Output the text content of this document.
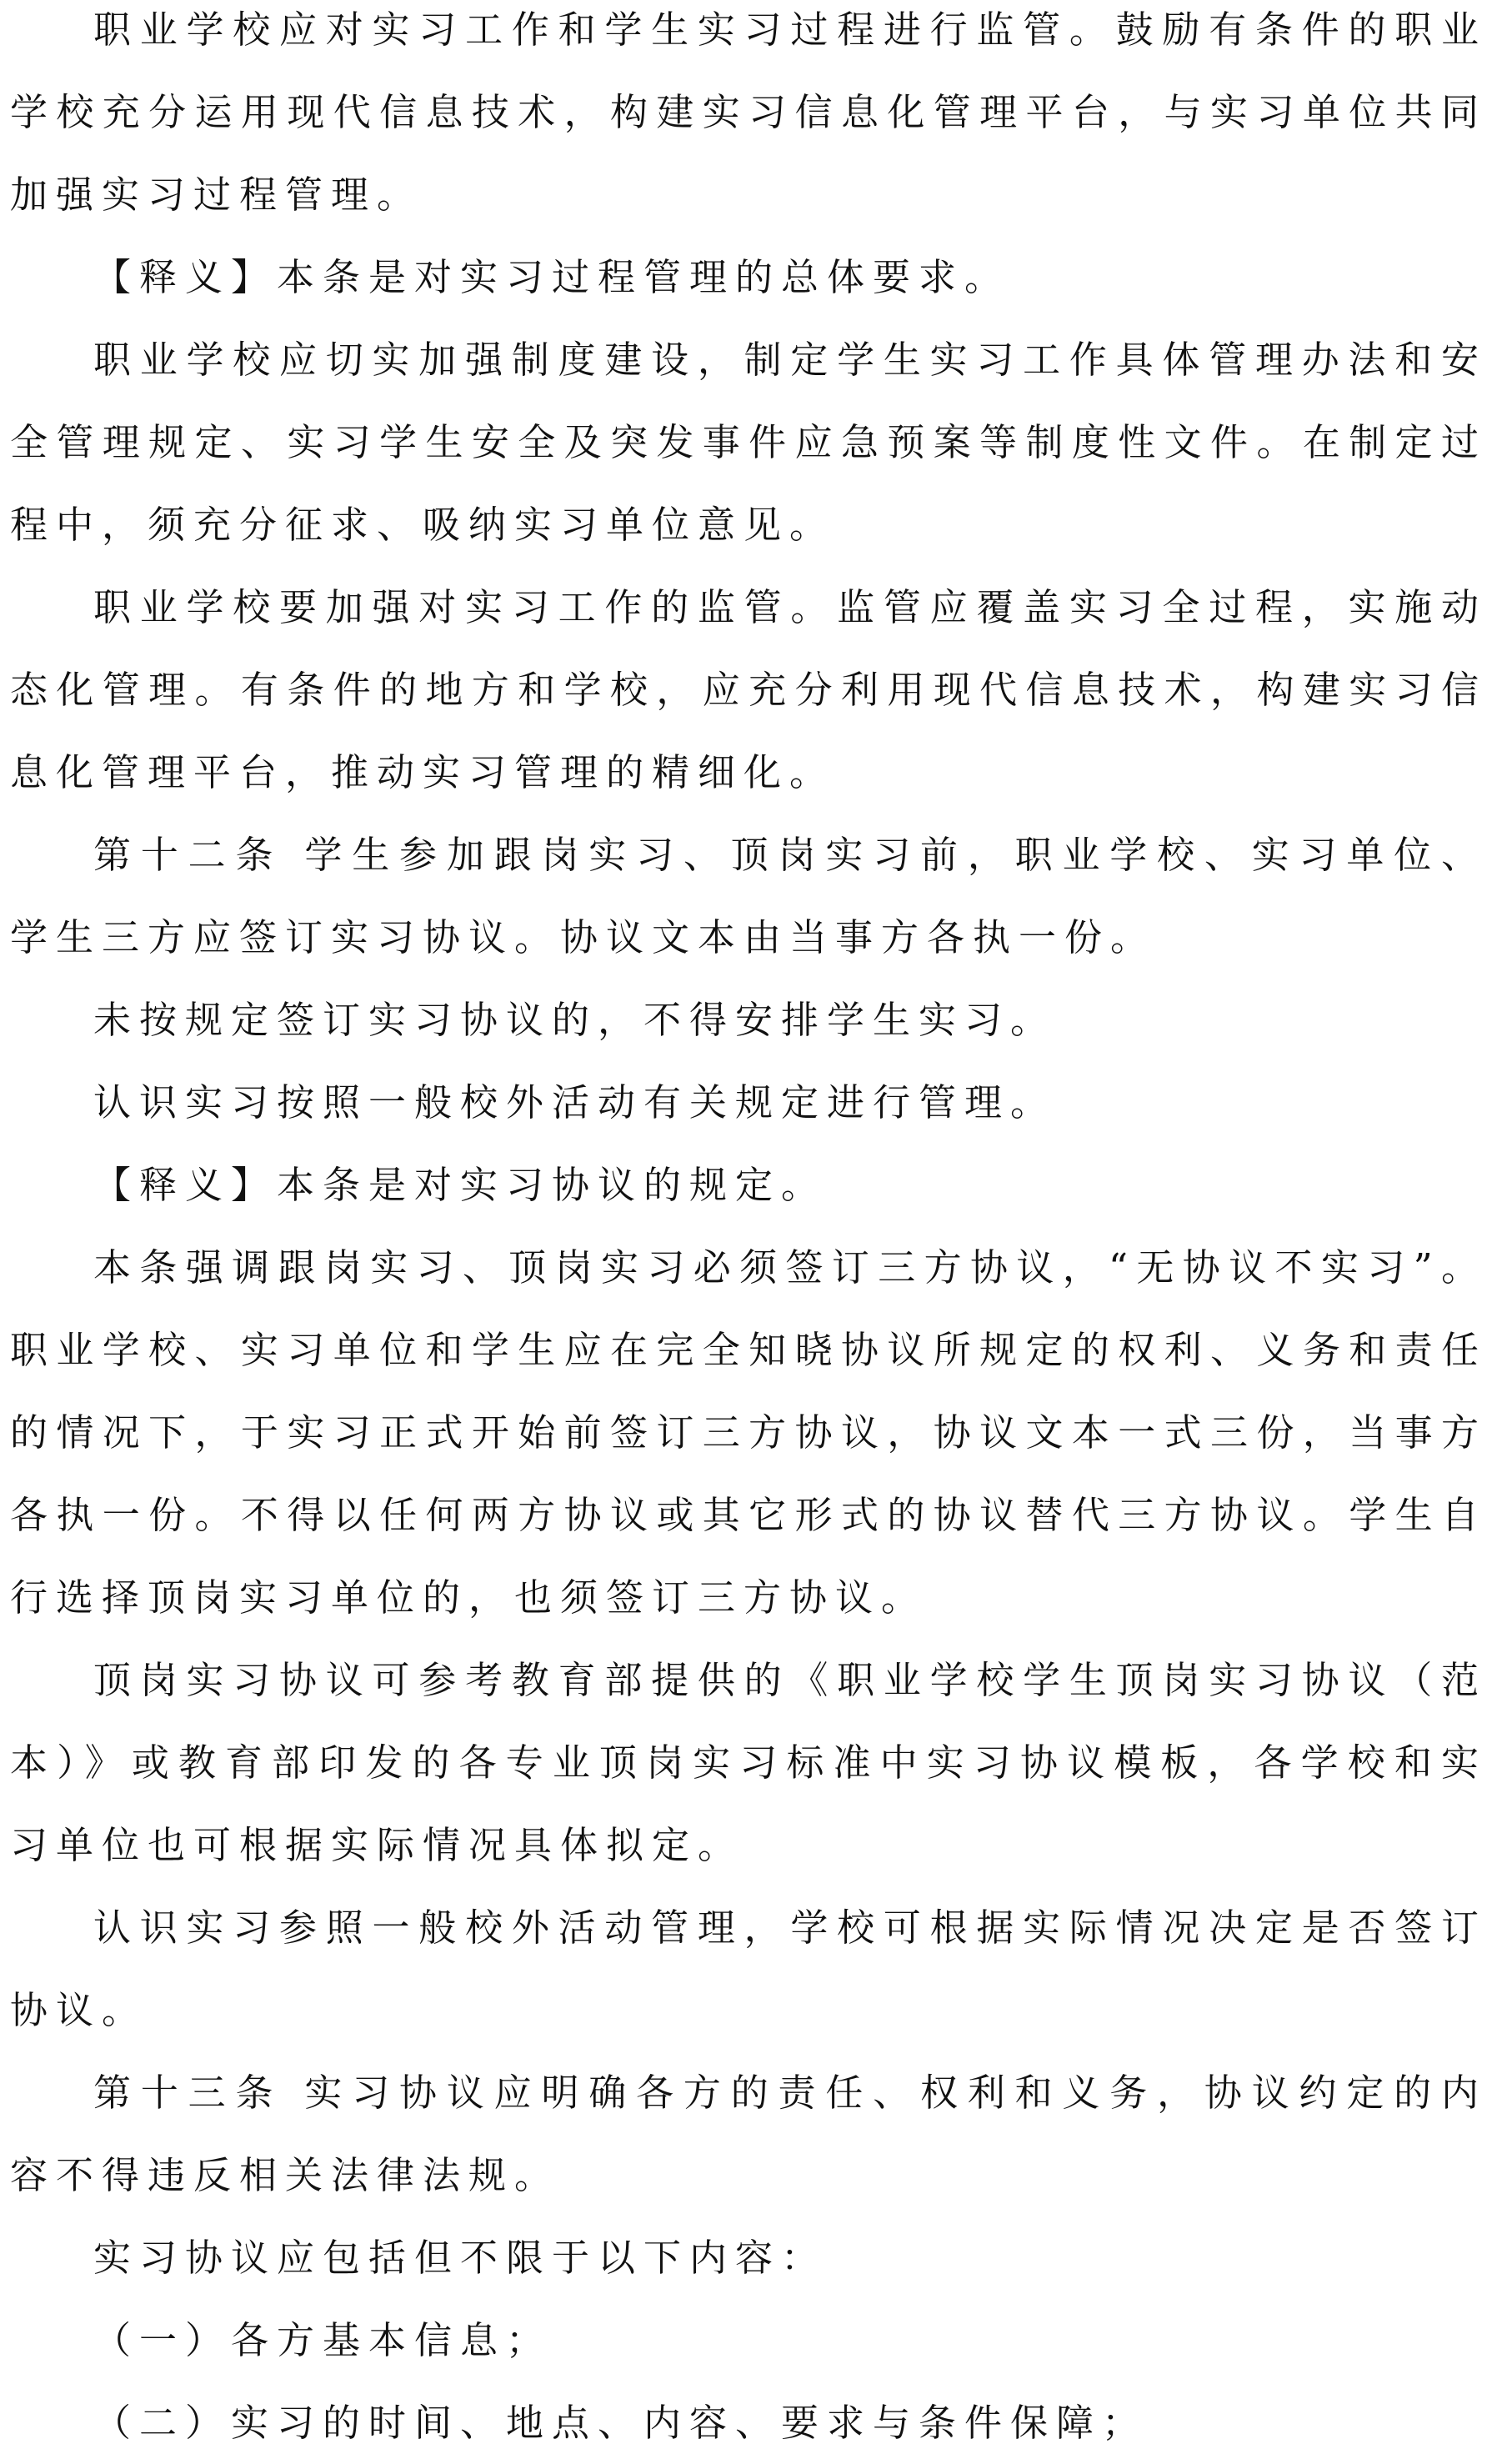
职业学校应对实习工作和学生实习过程进行监管。鼓励有条件的职业学校充分运用现代信息技术，构建实习信息化管理平台，与实习单位共同加强实习过程管理。

【释义】本条是对实习过程管理的总体要求。

职业学校应切实加强制度建设，制定学生实习工作具体管理办法和安全管理规定、实习学生安全及突发事件应急预案等制度性文件。在制定过程中，须充分征求、吸纳实习单位意见。

职业学校要加强对实习工作的监管。监管应覆盖实习全过程，实施动态化管理。有条件的地方和学校，应充分利用现代信息技术，构建实习信息化管理平台，推动实习管理的精细化。

第十二条 学生参加跟岗实习、顶岗实习前，职业学校、实习单位、学生三方应签订实习协议。协议文本由当事方各执一份。

未按规定签订实习协议的，不得安排学生实习。

认识实习按照一般校外活动有关规定进行管理。

【释义】本条是对实习协议的规定。

本条强调跟岗实习、顶岗实习必须签订三方协议，“无协议不实习”。职业学校、实习单位和学生应在完全知晓协议所规定的权利、义务和责任的情况下，于实习正式开始前签订三方协议，协议文本一式三份，当事方各执一份。不得以任何两方协议或其它形式的协议替代三方协议。学生自行选择顶岗实习单位的，也须签订三方协议。

顶岗实习协议可参考教育部提供的《职业学校学生顶岗实习协议（范本）》或教育部印发的各专业顶岗实习标准中实习协议模板，各学校和实习单位也可根据实际情况具体拟定。

认识实习参照一般校外活动管理，学校可根据实际情况决定是否签订协议。

第十三条 实习协议应明确各方的责任、权利和义务，协议约定的内容不得违反相关法律法规。

实习协议应包括但不限于以下内容：

（一）各方基本信息；

（二）实习的时间、地点、内容、要求与条件保障；
